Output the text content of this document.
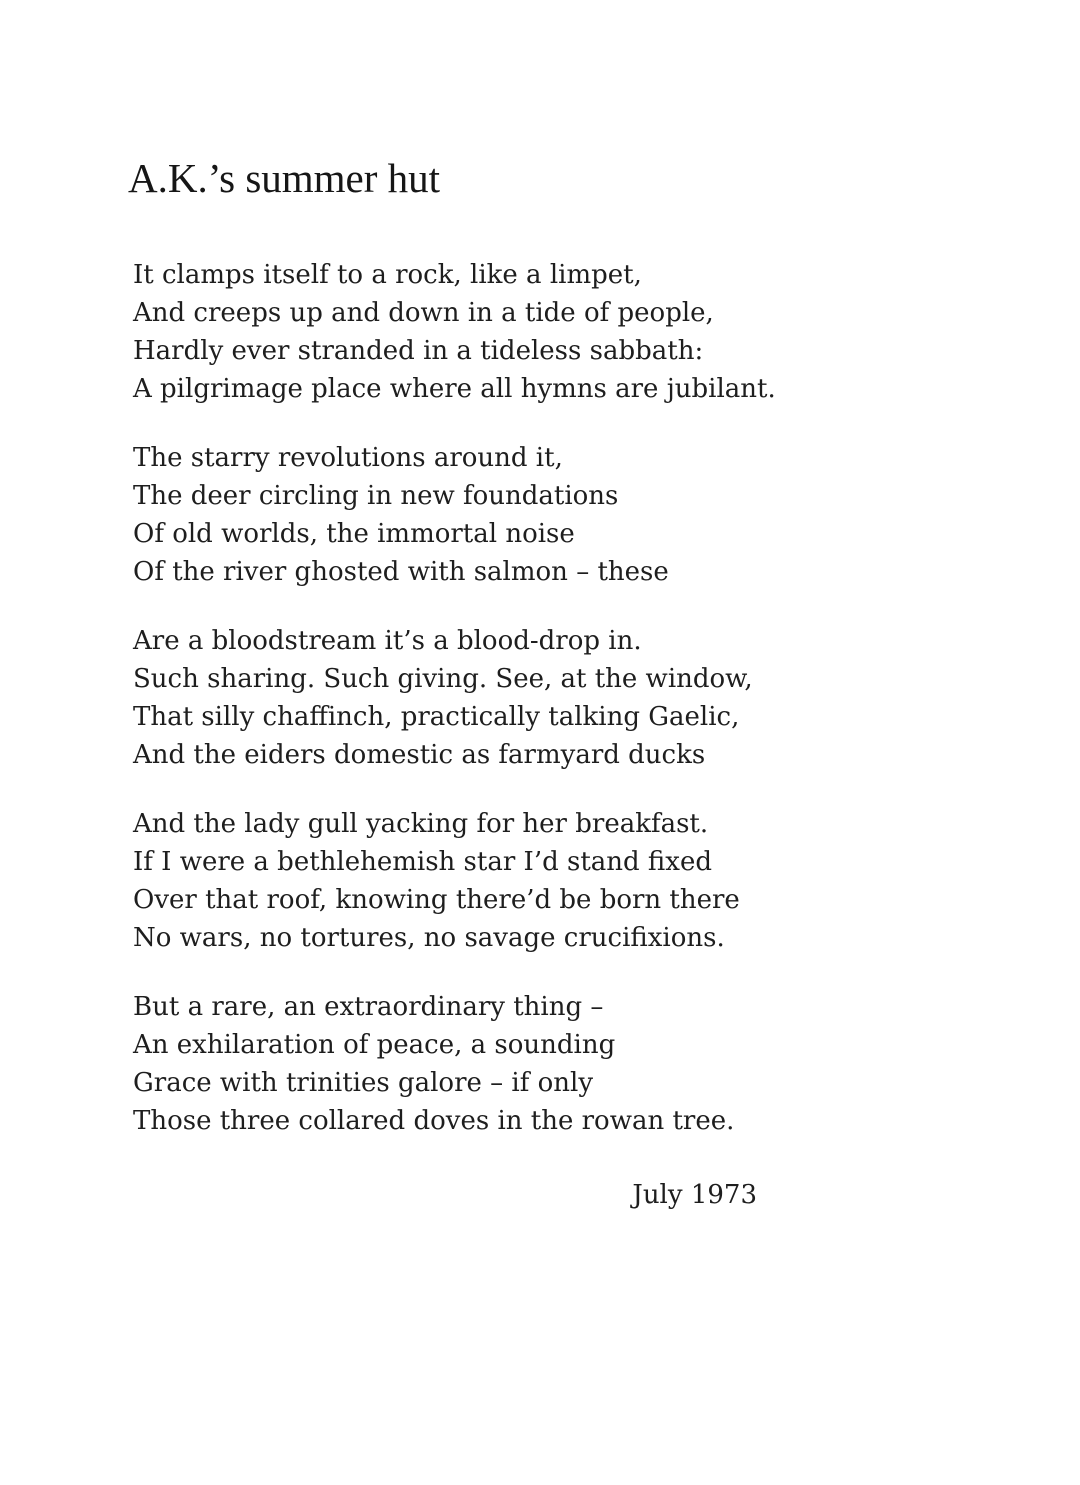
A.K.’s summer hut
It clamps itself to a rock, like a limpet,
And creeps up and down in a tide of people,
Hardly ever stranded in a tideless sabbath:
A pilgrimage place where all hymns are jubilant.
The starry revolutions around it,
The deer circling in new foundations
Of old worlds, the immortal noise
Of the river ghosted with salmon – these
Are a bloodstream it’s a blood-drop in.
Such sharing. Such giving. See, at the window,
That silly chaffinch, practically talking Gaelic,
And the eiders domestic as farmyard ducks
And the lady gull yacking for her breakfast.
If I were a bethlehemish star I’d stand fixed
Over that roof, knowing there’d be born there
No wars, no tortures, no savage crucifixions.
But a rare, an extraordinary thing –
An exhilaration of peace, a sounding
Grace with trinities galore – if only
Those three collared doves in the rowan tree.
July 1973
